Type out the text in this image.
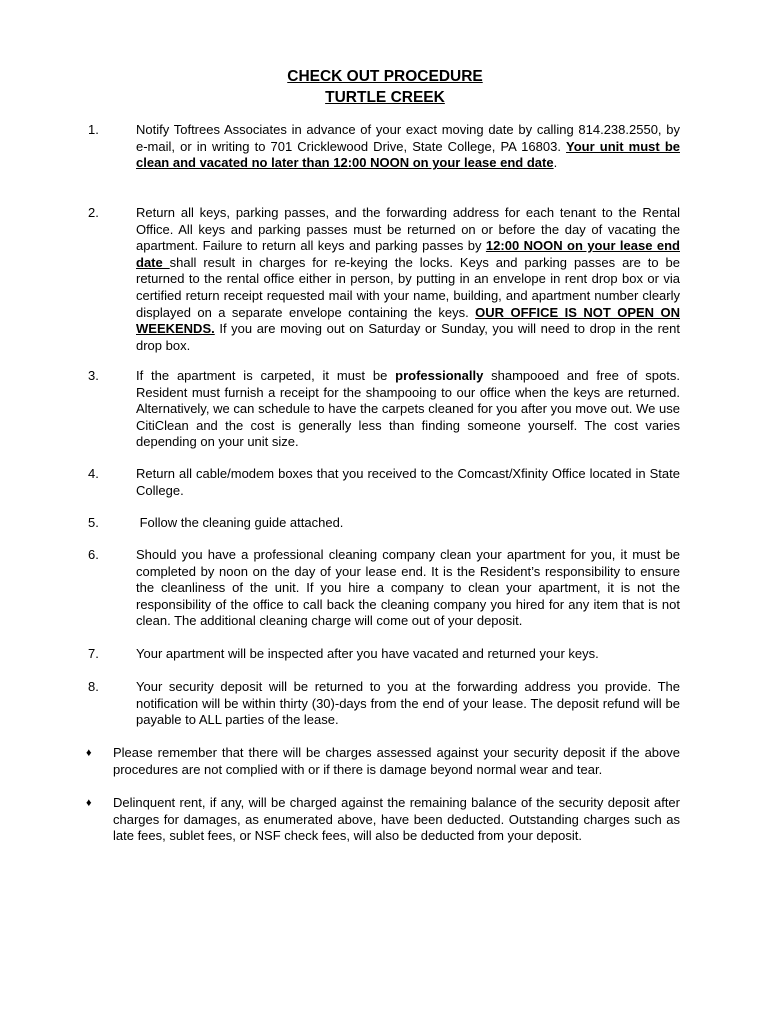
CHECK OUT PROCEDURE
TURTLE CREEK
1.	Notify Toftrees Associates in advance of your exact moving date by calling 814.238.2550, by e-mail, or in writing to 701 Cricklewood Drive, State College, PA 16803. Your unit must be clean and vacated no later than 12:00 NOON on your lease end date.
2.	Return all keys, parking passes, and the forwarding address for each tenant to the Rental Office. All keys and parking passes must be returned on or before the day of vacating the apartment. Failure to return all keys and parking passes by 12:00 NOON on your lease end date shall result in charges for re-keying the locks. Keys and parking passes are to be returned to the rental office either in person, by putting in an envelope in rent drop box or via certified return receipt requested mail with your name, building, and apartment number clearly displayed on a separate envelope containing the keys. OUR OFFICE IS NOT OPEN ON WEEKENDS. If you are moving out on Saturday or Sunday, you will need to drop in the rent drop box.
3.	If the apartment is carpeted, it must be professionally shampooed and free of spots. Resident must furnish a receipt for the shampooing to our office when the keys are returned. Alternatively, we can schedule to have the carpets cleaned for you after you move out. We use CitiClean and the cost is generally less than finding someone yourself. The cost varies depending on your unit size.
4.	Return all cable/modem boxes that you received to the Comcast/Xfinity Office located in State College.
5.	Follow the cleaning guide attached.
6.	Should you have a professional cleaning company clean your apartment for you, it must be completed by noon on the day of your lease end. It is the Resident’s responsibility to ensure the cleanliness of the unit. If you hire a company to clean your apartment, it is not the responsibility of the office to call back the cleaning company you hired for any item that is not clean. The additional cleaning charge will come out of your deposit.
7.	Your apartment will be inspected after you have vacated and returned your keys.
8.	Your security deposit will be returned to you at the forwarding address you provide. The notification will be within thirty (30)-days from the end of your lease. The deposit refund will be payable to ALL parties of the lease.
♦	Please remember that there will be charges assessed against your security deposit if the above procedures are not complied with or if there is damage beyond normal wear and tear.
♦	Delinquent rent, if any, will be charged against the remaining balance of the security deposit after charges for damages, as enumerated above, have been deducted. Outstanding charges such as late fees, sublet fees, or NSF check fees, will also be deducted from your deposit.
